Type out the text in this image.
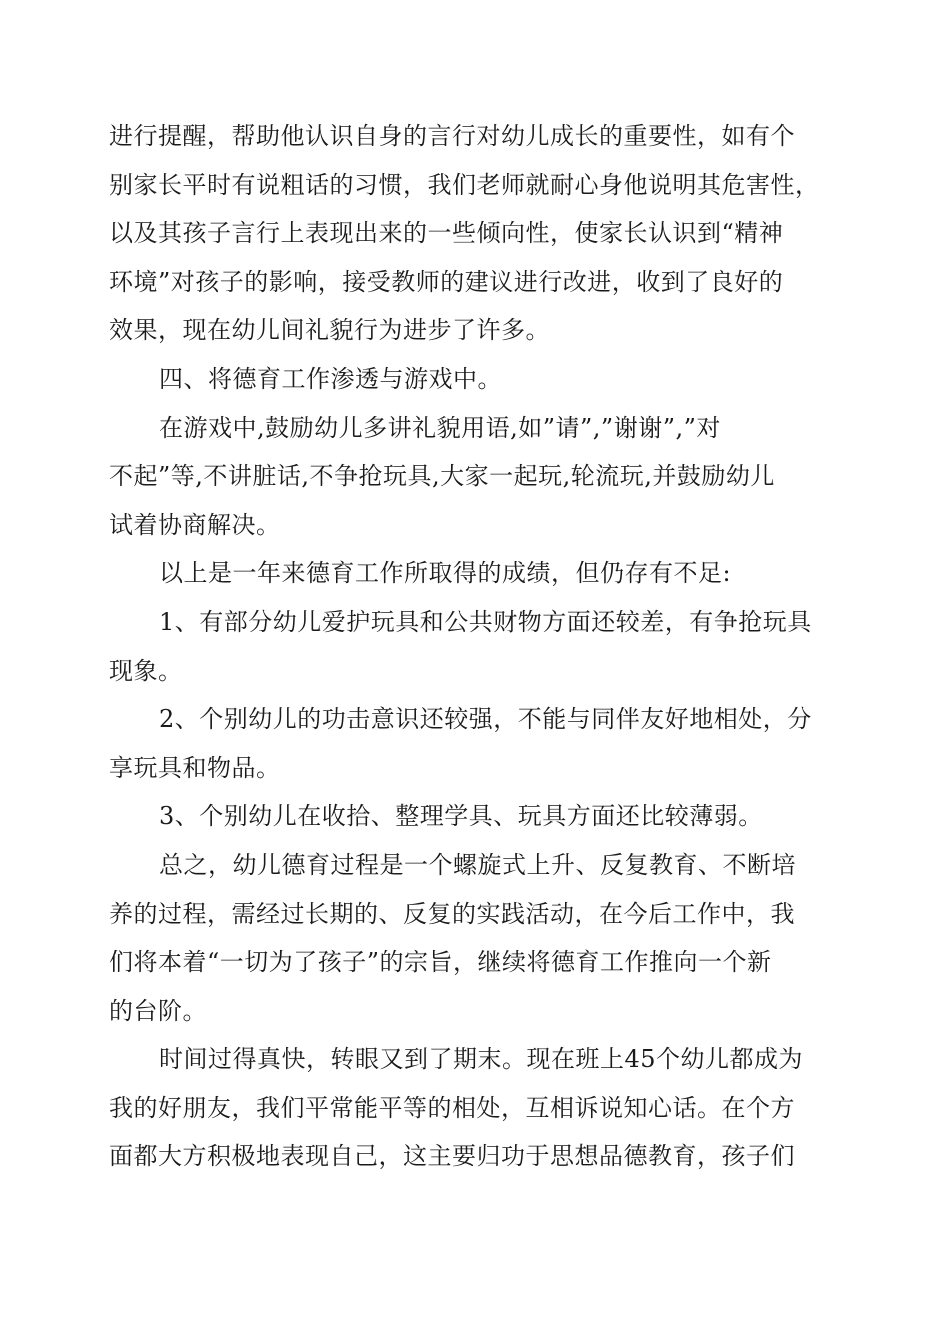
进行提醒，帮助他认识自身的言行对幼儿成长的重要性，如有个
别家长平时有说粗话的习惯，我们老师就耐心身他说明其危害性，
以及其孩子言行上表现出来的一些倾向性，使家长认识到“精神
环境”对孩子的影响，接受教师的建议进行改进，收到了良好的
效果，现在幼儿间礼貌行为进步了许多。
四、将德育工作渗透与游戏中。
在游戏中,鼓励幼儿多讲礼貌用语,如”请”,”谢谢”,”对
不起”等,不讲脏话,不争抢玩具,大家一起玩,轮流玩,并鼓励幼儿
试着协商解决。
以上是一年来德育工作所取得的成绩，但仍存有不足:
1、有部分幼儿爱护玩具和公共财物方面还较差，有争抢玩具
现象。
2、个别幼儿的功击意识还较强，不能与同伴友好地相处，分
享玩具和物品。
3、个别幼儿在收拾、整理学具、玩具方面还比较薄弱。
总之，幼儿德育过程是一个螺旋式上升、反复教育、不断培
养的过程，需经过长期的、反复的实践活动，在今后工作中，我
们将本着“一切为了孩子”的宗旨，继续将德育工作推向一个新
的台阶。
时间过得真快，转眼又到了期末。现在班上45个幼儿都成为
我的好朋友，我们平常能平等的相处，互相诉说知心话。在个方
面都大方积极地表现自己，这主要归功于思想品德教育，孩子们
